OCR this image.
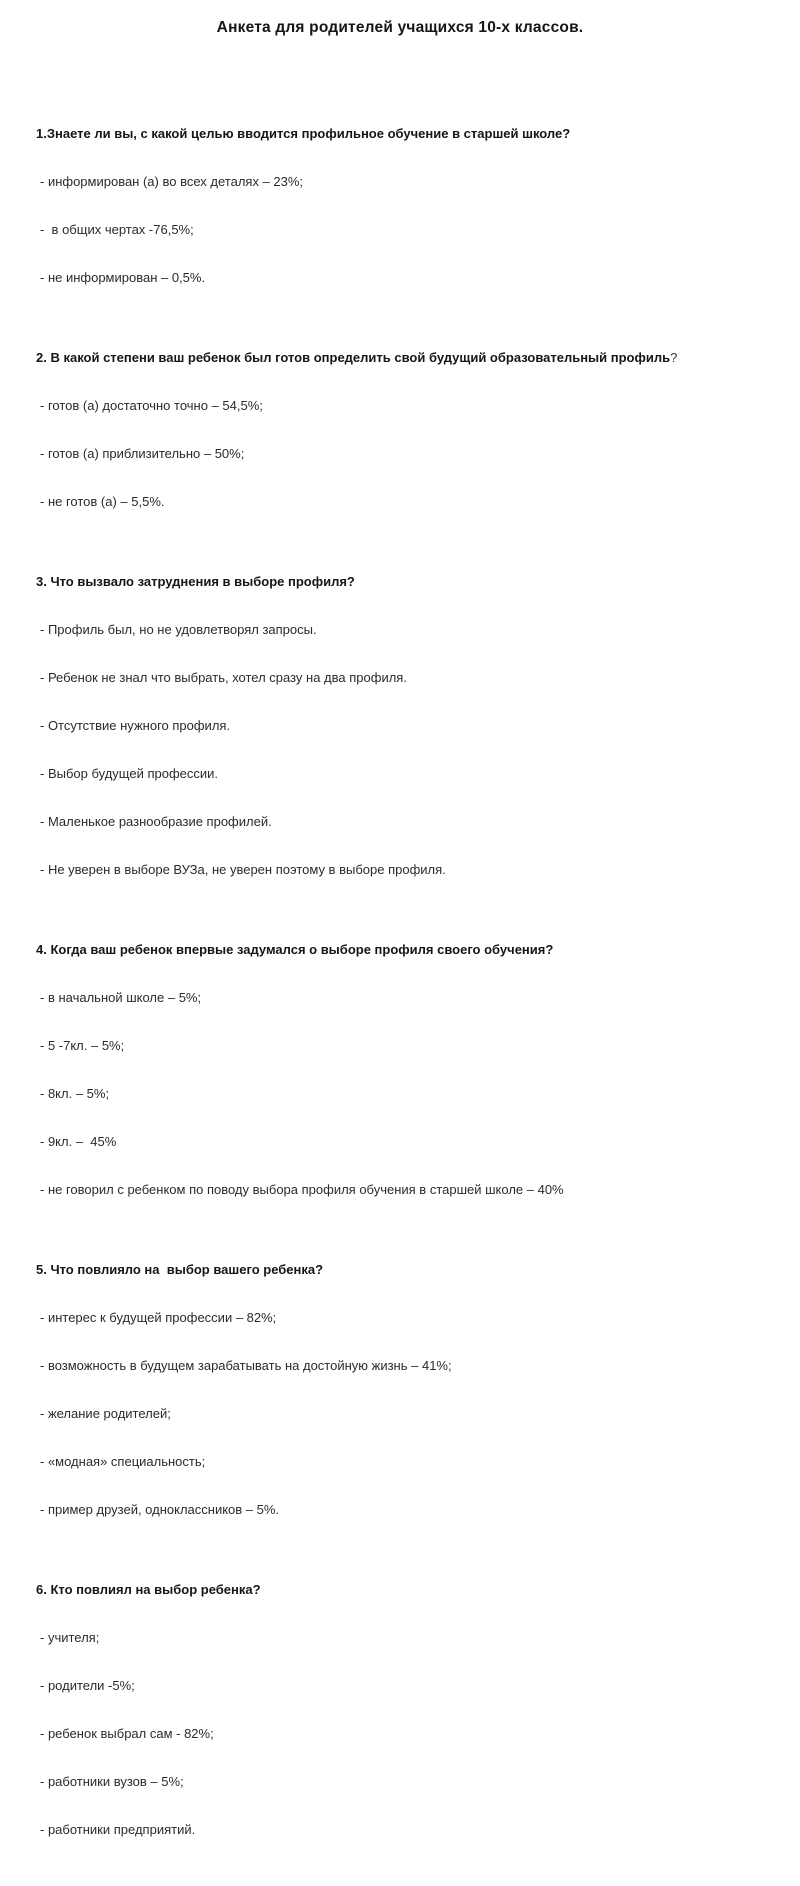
Анкета для родителей учащихся 10-х классов.

1.Знаете ли вы, с какой целью вводится профильное обучение в старшей школе?

- информирован (а) во всех деталях – 23%;

-  в общих чертах -76,5%;

- не информирован – 0,5%.

2. В какой степени ваш ребенок был готов определить свой будущий образовательный профиль?

- готов (а) достаточно точно – 54,5%;

- готов (а) приблизительно – 50%;

- не готов (а) – 5,5%.

3. Что вызвало затруднения в выборе профиля?

- Профиль был, но не удовлетворял запросы.

- Ребенок не знал что выбрать, хотел сразу на два профиля.

- Отсутствие нужного профиля.

- Выбор будущей профессии.

- Маленькое разнообразие профилей.

- Не уверен в выборе ВУЗа, не уверен поэтому в выборе профиля.

4. Когда ваш ребенок впервые задумался о выборе профиля своего обучения?

- в начальной школе – 5%;

- 5 -7кл. – 5%;

- 8кл. – 5%;

- 9кл. –  45%

- не говорил с ребенком по поводу выбора профиля обучения в старшей школе – 40%

5. Что повлияло на  выбор вашего ребенка?

- интерес к будущей профессии – 82%;

- возможность в будущем зарабатывать на достойную жизнь – 41%;

- желание родителей;

- «модная» специальность;

- пример друзей, одноклассников – 5%.

6. Кто повлиял на выбор ребенка?

- учителя;

- родители -5%;

- ребенок выбрал сам - 82%;

- работники вузов – 5%;

- работники предприятий.
